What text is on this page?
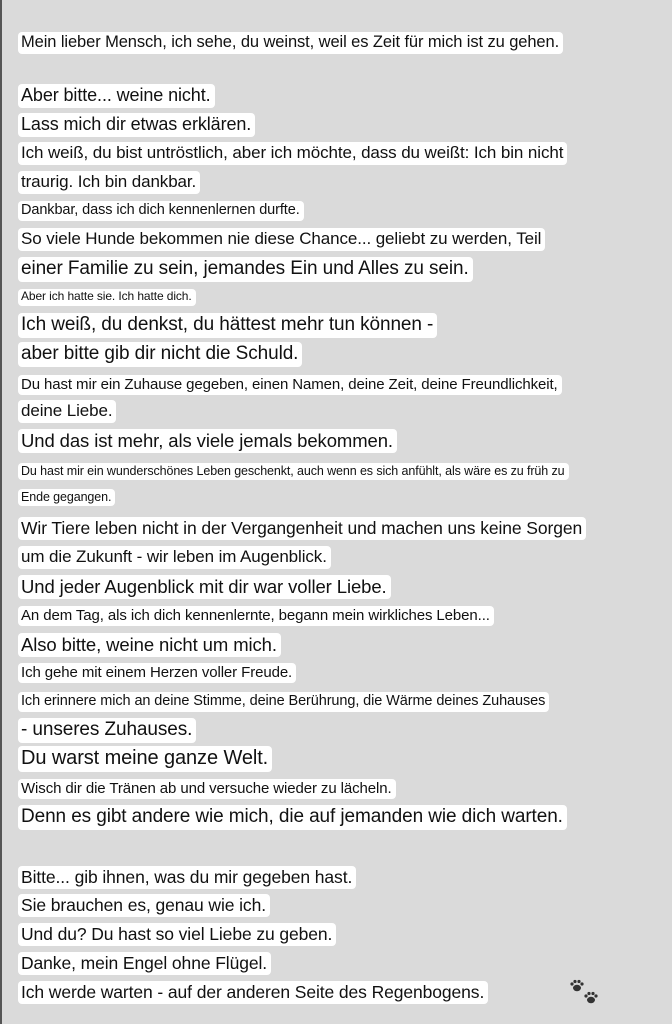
Mein lieber Mensch, ich sehe, du weinst, weil es Zeit für mich ist zu gehen.
Aber bitte... weine nicht.
Lass mich dir etwas erklären.
Ich weiß, du bist untröstlich, aber ich möchte, dass du weißt: Ich bin nicht
traurig. Ich bin dankbar.
Dankbar, dass ich dich kennenlernen durfte.
So viele Hunde bekommen nie diese Chance... geliebt zu werden, Teil
einer Familie zu sein, jemandes Ein und Alles zu sein.
Aber ich hatte sie. Ich hatte dich.
Ich weiß, du denkst, du hättest mehr tun können -
aber bitte gib dir nicht die Schuld.
Du hast mir ein Zuhause gegeben, einen Namen, deine Zeit, deine Freundlichkeit,
deine Liebe.
Und das ist mehr, als viele jemals bekommen.
Du hast mir ein wunderschönes Leben geschenkt, auch wenn es sich anfühlt, als wäre es zu früh zu
Ende gegangen.
Wir Tiere leben nicht in der Vergangenheit und machen uns keine Sorgen
um die Zukunft - wir leben im Augenblick.
Und jeder Augenblick mit dir war voller Liebe.
An dem Tag, als ich dich kennenlernte, begann mein wirkliches Leben...
Also bitte, weine nicht um mich.
Ich gehe mit einem Herzen voller Freude.
Ich erinnere mich an deine Stimme, deine Berührung, die Wärme deines Zuhauses
- unseres Zuhauses.
Du warst meine ganze Welt.
Wisch dir die Tränen ab und versuche wieder zu lächeln.
Denn es gibt andere wie mich, die auf jemanden wie dich warten.
Bitte... gib ihnen, was du mir gegeben hast.
Sie brauchen es, genau wie ich.
Und du? Du hast so viel Liebe zu geben.
Danke, mein Engel ohne Flügel.
Ich werde warten - auf der anderen Seite des Regenbogens.
